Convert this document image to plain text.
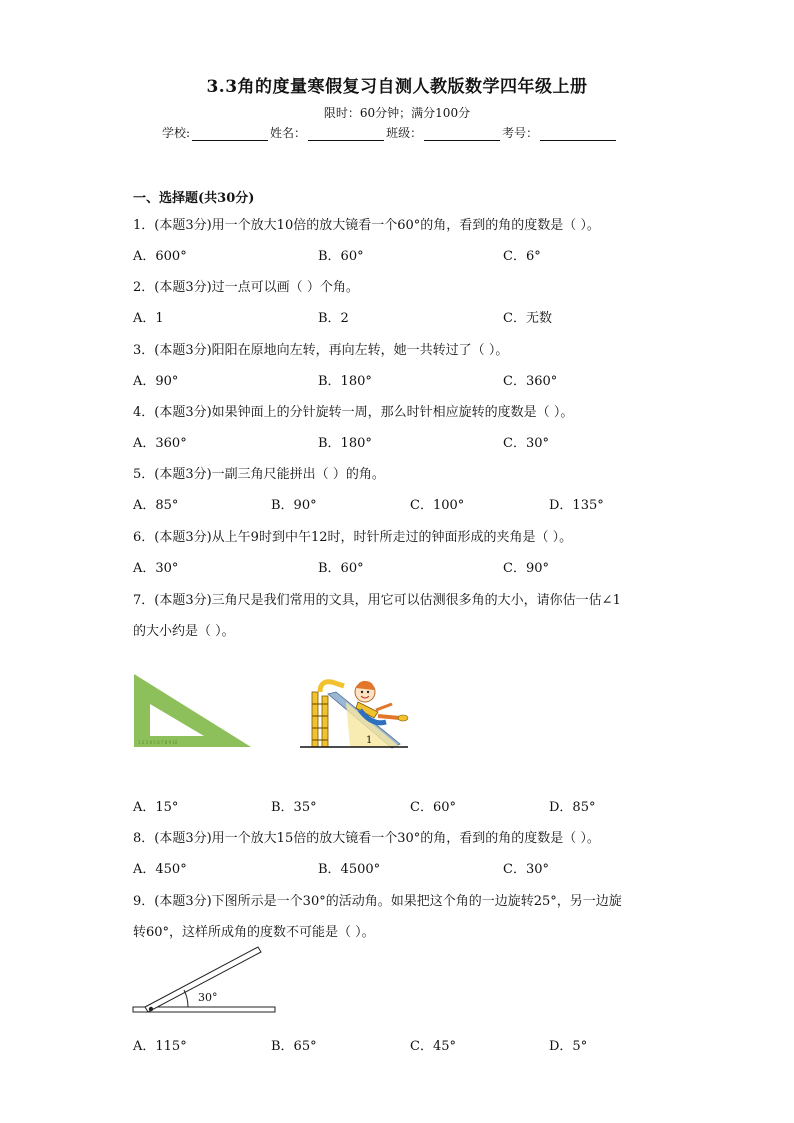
3.3角的度量寒假复习自测人教版数学四年级上册
限时：60分钟；满分100分
学校:	姓名：	班级：	考号：
一、选择题(共30分)
1．(本题3分)用一个放大10倍的放大镜看一个60°的角，看到的角的度数是（ ）。
A．600°	B．60°	C．6°
2．(本题3分)过一点可以画（ ）个角。
A．1	B．2	C．无数
3．(本题3分)阳阳在原地向左转，再向左转，她一共转过了（ ）。
A．90°	B．180°	C．360°
4．(本题3分)如果钟面上的分针旋转一周，那么时针相应旋转的度数是（ ）。
A．360°	B．180°	C．30°
5．(本题3分)一副三角尺能拼出（ ）的角。
A．85°	B．90°	C．100°	D．135°
6．(本题3分)从上午9时到中午12时，时针所走过的钟面形成的夹角是（ ）。
A．30°	B．60°	C．90°
7．(本题3分)三角尺是我们常用的文具，用它可以估测很多角的大小，请你估一估∠1
的大小约是（ ）。
1 2 3 4 5 6 7 8 9 10	1
A．15°	B．35°	C．60°	D．85°
8．(本题3分)用一个放大15倍的放大镜看一个30°的角，看到的角的度数是（ ）。
A．450°	B．4500°	C．30°
9．(本题3分)下图所示是一个30°的活动角。如果把这个角的一边旋转25°，另一边旋
转60°，这样所成角的度数不可能是（ ）。
30°
A．115°	B．65°	C．45°	D．5°
